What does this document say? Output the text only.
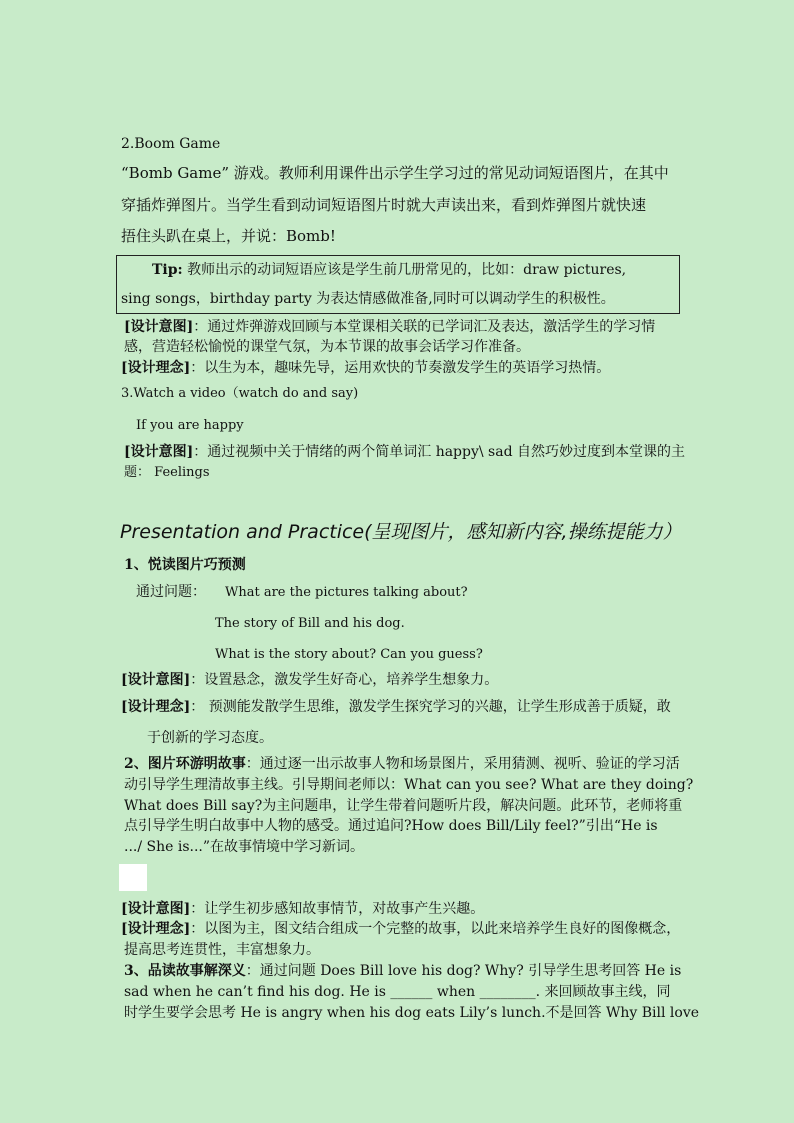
2.Boom Game
“Bomb Game” 游戏。教师利用课件出示学生学习过的常见动词短语图片，在其中
穿插炸弹图片。当学生看到动词短语图片时就大声读出来，看到炸弹图片就快速
捂住头趴在桌上，并说：Bomb!
Tip: 教师出示的动词短语应该是学生前几册常见的，比如：draw pictures,
sing songs，birthday party 为表达情感做准备,同时可以调动学生的积极性。
[设计意图]：通过炸弹游戏回顾与本堂课相关联的已学词汇及表达，激活学生的学习情
感，营造轻松愉悦的课堂气氛，为本节课的故事会话学习作准备。
[设计理念]：以生为本，趣味先导，运用欢快的节奏激发学生的英语学习热情。
3.Watch a video（watch do and say)
If you are happy
[设计意图]：通过视频中关于情绪的两个简单词汇 happy\ sad 自然巧妙过度到本堂课的主
题： Feelings
Presentation and Practice(呈现图片，感知新内容,操练提能力）
1、悦读图片巧预测
通过问题： What are the pictures talking about?
The story of Bill and his dog.
What is the story about? Can you guess?
[设计意图]：设置悬念，激发学生好奇心，培养学生想象力。
[设计理念]： 预测能发散学生思维，激发学生探究学习的兴趣，让学生形成善于质疑，敢
于创新的学习态度。
2、图片环游明故事：通过逐一出示故事人物和场景图片，采用猜测、视听、验证的学习活
动引导学生理清故事主线。引导期间老师以：What can you see? What are they doing?
What does Bill say?为主问题串，让学生带着问题听片段，解决问题。此环节，老师将重
点引导学生明白故事中人物的感受。通过追问?How does Bill/Lily feel?”引出“He is
.../ She is...”在故事情境中学习新词。
[设计意图]：让学生初步感知故事情节，对故事产生兴趣。
[设计理念]：以图为主，图文结合组成一个完整的故事，以此来培养学生良好的图像概念，
提高思考连贯性，丰富想象力。
3、品读故事解深义：通过问题 Does Bill love his dog? Why? 引导学生思考回答 He is
sad when he can’t find his dog. He is ______ when ________. 来回顾故事主线，同
时学生要学会思考 He is angry when his dog eats Lily’s lunch.不是回答 Why Bill love
